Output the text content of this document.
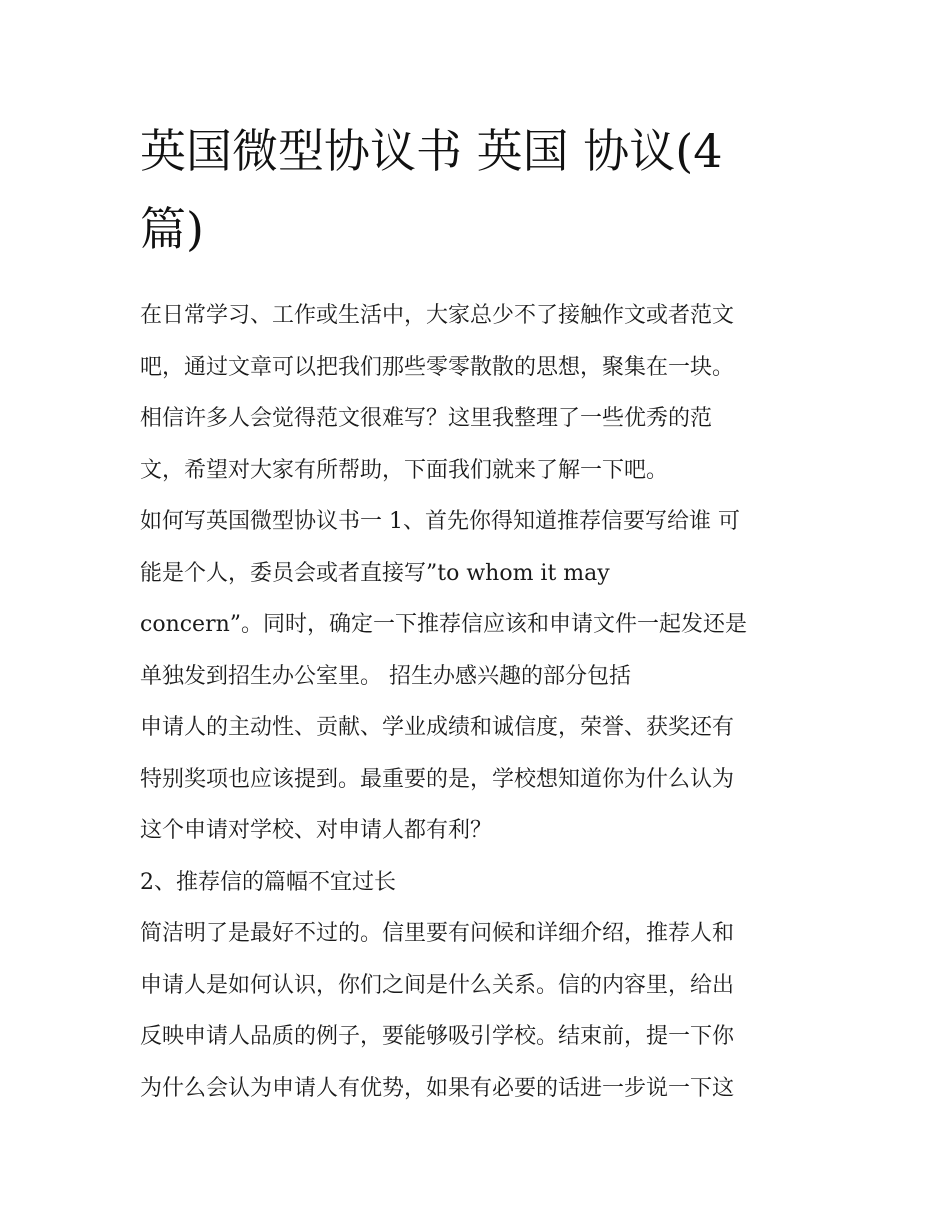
英国微型协议书 英国 协议(4
篇)
在日常学习、工作或生活中，大家总少不了接触作文或者范文
吧，通过文章可以把我们那些零零散散的思想，聚集在一块。
相信许多人会觉得范文很难写？这里我整理了一些优秀的范
文，希望对大家有所帮助，下面我们就来了解一下吧。
如何写英国微型协议书一 1、首先你得知道推荐信要写给谁 可
能是个人，委员会或者直接写”to whom it may
concern”。同时，确定一下推荐信应该和申请文件一起发还是
单独发到招生办公室里。 招生办感兴趣的部分包括
申请人的主动性、贡献、学业成绩和诚信度，荣誉、获奖还有
特别奖项也应该提到。最重要的是，学校想知道你为什么认为
这个申请对学校、对申请人都有利？
2、推荐信的篇幅不宜过长
简洁明了是最好不过的。信里要有问候和详细介绍，推荐人和
申请人是如何认识，你们之间是什么关系。信的内容里，给出
反映申请人品质的例子，要能够吸引学校。结束前，提一下你
为什么会认为申请人有优势，如果有必要的话进一步说一下这
